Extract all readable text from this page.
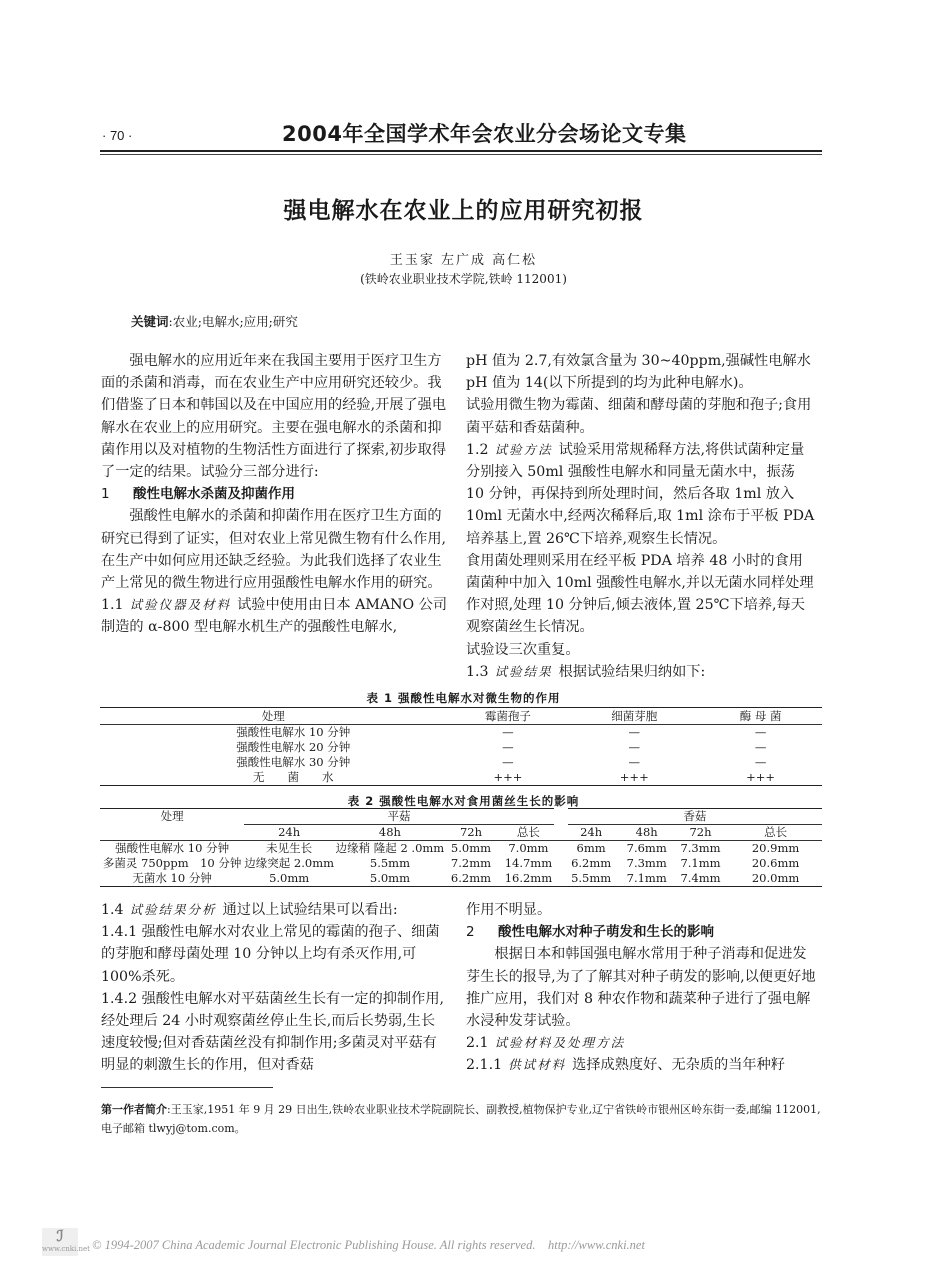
· 70 ·	2004年全国学术年会农业分会场论文专集
强电解水在农业上的应用研究初报
王玉家 左广成 高仁松
(铁岭农业职业技术学院,铁岭 112001)
关键词:农业;电解水;应用;研究

强电解水的应用近年来在我国主要用于医疗卫生方面的杀菌和消毒，而在农业生产中应用研究还较少。我们借鉴了日本和韩国以及在中国应用的经验,开展了强电解水在农业上的应用研究。主要在强电解水的杀菌和抑菌作用以及对植物的生物活性方面进行了探索,初步取得了一定的结果。试验分三部分进行:

1 酸性电解水杀菌及抑菌作用

强酸性电解水的杀菌和抑菌作用在医疗卫生方面的研究已得到了证实，但对农业上常见微生物有什么作用,在生产中如何应用还缺乏经验。为此我们选择了农业生产上常见的微生物进行应用强酸性电解水作用的研究。

1.1 试验仪器及材料 试验中使用由日本 AMANO 公司制造的 α-800 型电解水机生产的强酸性电解水,

pH 值为 2.7,有效氯含量为 30~40ppm,强碱性电解水 pH 值为 14(以下所提到的均为此种电解水)。

试验用微生物为霉菌、细菌和酵母菌的芽胞和孢子;食用菌平菇和香菇菌种。

1.2 试验方法 试验采用常规稀释方法,将供试菌种定量分别接入 50ml 强酸性电解水和同量无菌水中，振荡 10 分钟，再保持到所处理时间，然后各取 1ml 放入 10ml 无菌水中,经两次稀释后,取 1ml 涂布于平板 PDA 培养基上,置 26℃下培养,观察生长情况。

食用菌处理则采用在经平板 PDA 培养 48 小时的食用菌菌种中加入 10ml 强酸性电解水,并以无菌水同样处理作对照,处理 10 分钟后,倾去液体,置 25℃下培养,每天观察菌丝生长情况。

试验设三次重复。

1.3 试验结果 根据试验结果归纳如下:

表 1 强酸性电解水对微生物的作用
处理	霉菌孢子	细菌芽胞	酶 母 菌
强酸性电解水 10 分钟	—	—	—
强酸性电解水 20 分钟	—	—	—
强酸性电解水 30 分钟	—	—	—
无　　菌　　水	+++	+++	+++
表 2 强酸性电解水对食用菌丝生长的影响
处理	平菇				香菇			
	24h	48h	72h	总长	24h	48h	72h	总长
强酸性电解水 10 分钟	未见生长	边缘稍 隆起 2 .0mm	5.0mm	7.0mm	6mm	7.6mm	7.3mm	20.9mm
多菌灵 750ppm　10 分钟	边缘突起 2.0mm	5.5mm	7.2mm	14.7mm	6.2mm	7.3mm	7.1mm	20.6mm
无菌水 10 分钟	5.0mm	5.0mm	6.2mm	16.2mm	5.5mm	7.1mm	7.4mm	20.0mm

1.4 试验结果分析 通过以上试验结果可以看出:

1.4.1 强酸性电解水对农业上常见的霉菌的孢子、细菌的芽胞和酵母菌处理 10 分钟以上均有杀灭作用,可 100%杀死。

1.4.2 强酸性电解水对平菇菌丝生长有一定的抑制作用,经处理后 24 小时观察菌丝停止生长,而后长势弱,生长速度较慢;但对香菇菌丝没有抑制作用;多菌灵对平菇有明显的刺激生长的作用，但对香菇

作用不明显。

2 酸性电解水对种子萌发和生长的影响

根据日本和韩国强电解水常用于种子消毒和促进发芽生长的报导,为了了解其对种子萌发的影响,以便更好地推广应用，我们对 8 种农作物和蔬菜种子进行了强电解水浸种发芽试验。

2.1 试验材料及处理方法

2.1.1 供试材料 选择成熟度好、无杂质的当年种籽

第一作者简介:王玉家,1951 年 9 月 29 日出生,铁岭农业职业技术学院副院长、副教授,植物保护专业,辽宁省铁岭市银州区岭东街一委,邮编 112001,电子邮箱 tlwyj@tom.com。
ℐ
www.cnki.net © 1994-2007 China Academic Journal Electronic Publishing House. All rights reserved.    http://www.cnki.net
